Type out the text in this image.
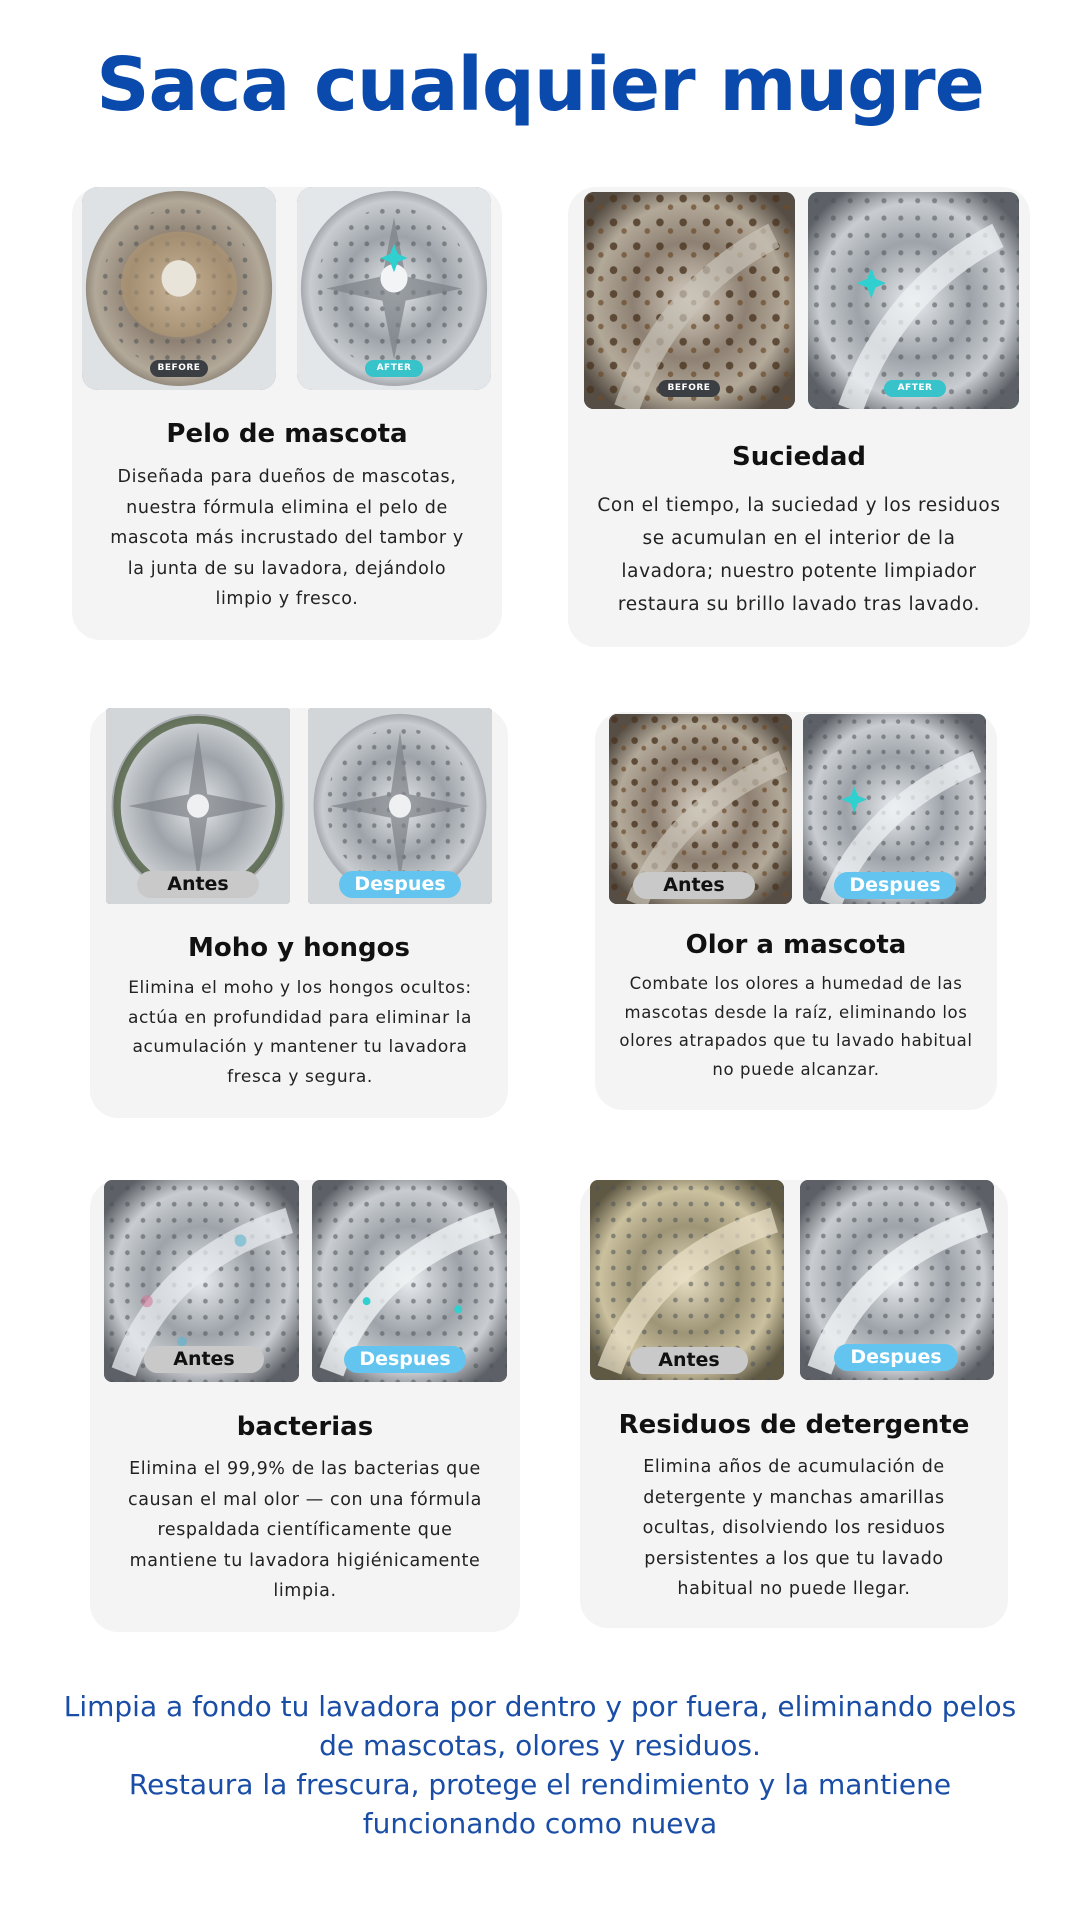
Saca cualquier mugre
BEFORE	AFTER
Pelo de mascota
Diseñada para dueños de mascotas, nuestra fórmula elimina el pelo de mascota más incrustado del tambor y la junta de su lavadora, dejándolo limpio y fresco.
BEFORE	AFTER
Suciedad
Con el tiempo, la suciedad y los residuos se acumulan en el interior de la lavadora; nuestro potente limpiador restaura su brillo lavado tras lavado.
Antes	Despues
Moho y hongos
Elimina el moho y los hongos ocultos: actúa en profundidad para eliminar la acumulación y mantener tu lavadora fresca y segura.
Antes	Despues
Olor a mascota
Combate los olores a humedad de las mascotas desde la raíz, eliminando los olores atrapados que tu lavado habitual no puede alcanzar.
Antes	Despues
bacterias
Elimina el 99,9% de las bacterias que causan el mal olor — con una fórmula respaldada científicamente que mantiene tu lavadora higiénicamente limpia.
Antes	Despues
Residuos de detergente
Elimina años de acumulación de detergente y manchas amarillas ocultas, disolviendo los residuos persistentes a los que tu lavado habitual no puede llegar.
Limpia a fondo tu lavadora por dentro y por fuera, eliminando pelos de mascotas, olores y residuos.
Restaura la frescura, protege el rendimiento y la mantiene funcionando como nueva
